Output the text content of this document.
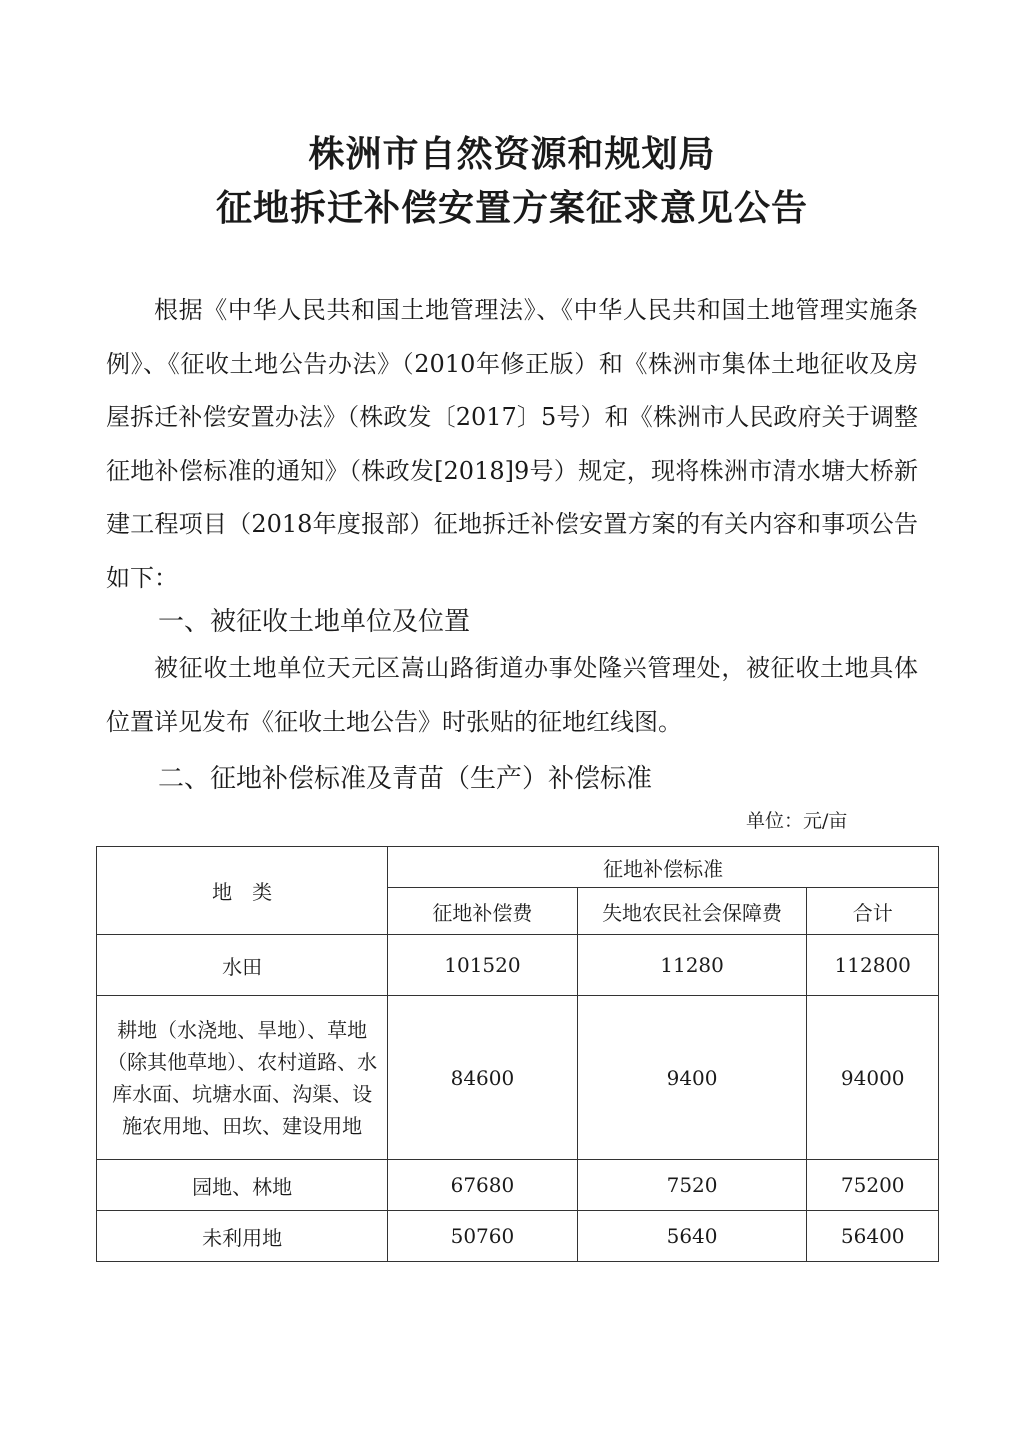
株洲市自然资源和规划局
征地拆迁补偿安置方案征求意见公告
根据《中华人民共和国土地管理法》、《中华人民共和国土地管理实施条例》、《征收土地公告办法》（2010年修正版）和《株洲市集体土地征收及房屋拆迁补偿安置办法》（株政发〔2017〕5号）和《株洲市人民政府关于调整征地补偿标准的通知》（株政发[2018]9号）规定，现将株洲市清水塘大桥新建工程项目（2018年度报部）征地拆迁补偿安置方案的有关内容和事项公告如下：
一、被征收土地单位及位置
被征收土地单位天元区嵩山路街道办事处隆兴管理处，被征收土地具体位置详见发布《征收土地公告》时张贴的征地红线图。
二、征地补偿标准及青苗（生产）补偿标准
单位：元/亩
地　类	征地补偿标准		
	征地补偿费	失地农民社会保障费	合计
水田	101520	11280	112800
耕地（水浇地、旱地）、草地（除其他草地）、农村道路、水库水面、坑塘水面、沟渠、设施农用地、田坎、建设用地	84600	9400	94000
园地、林地	67680	7520	75200
未利用地	50760	5640	56400
